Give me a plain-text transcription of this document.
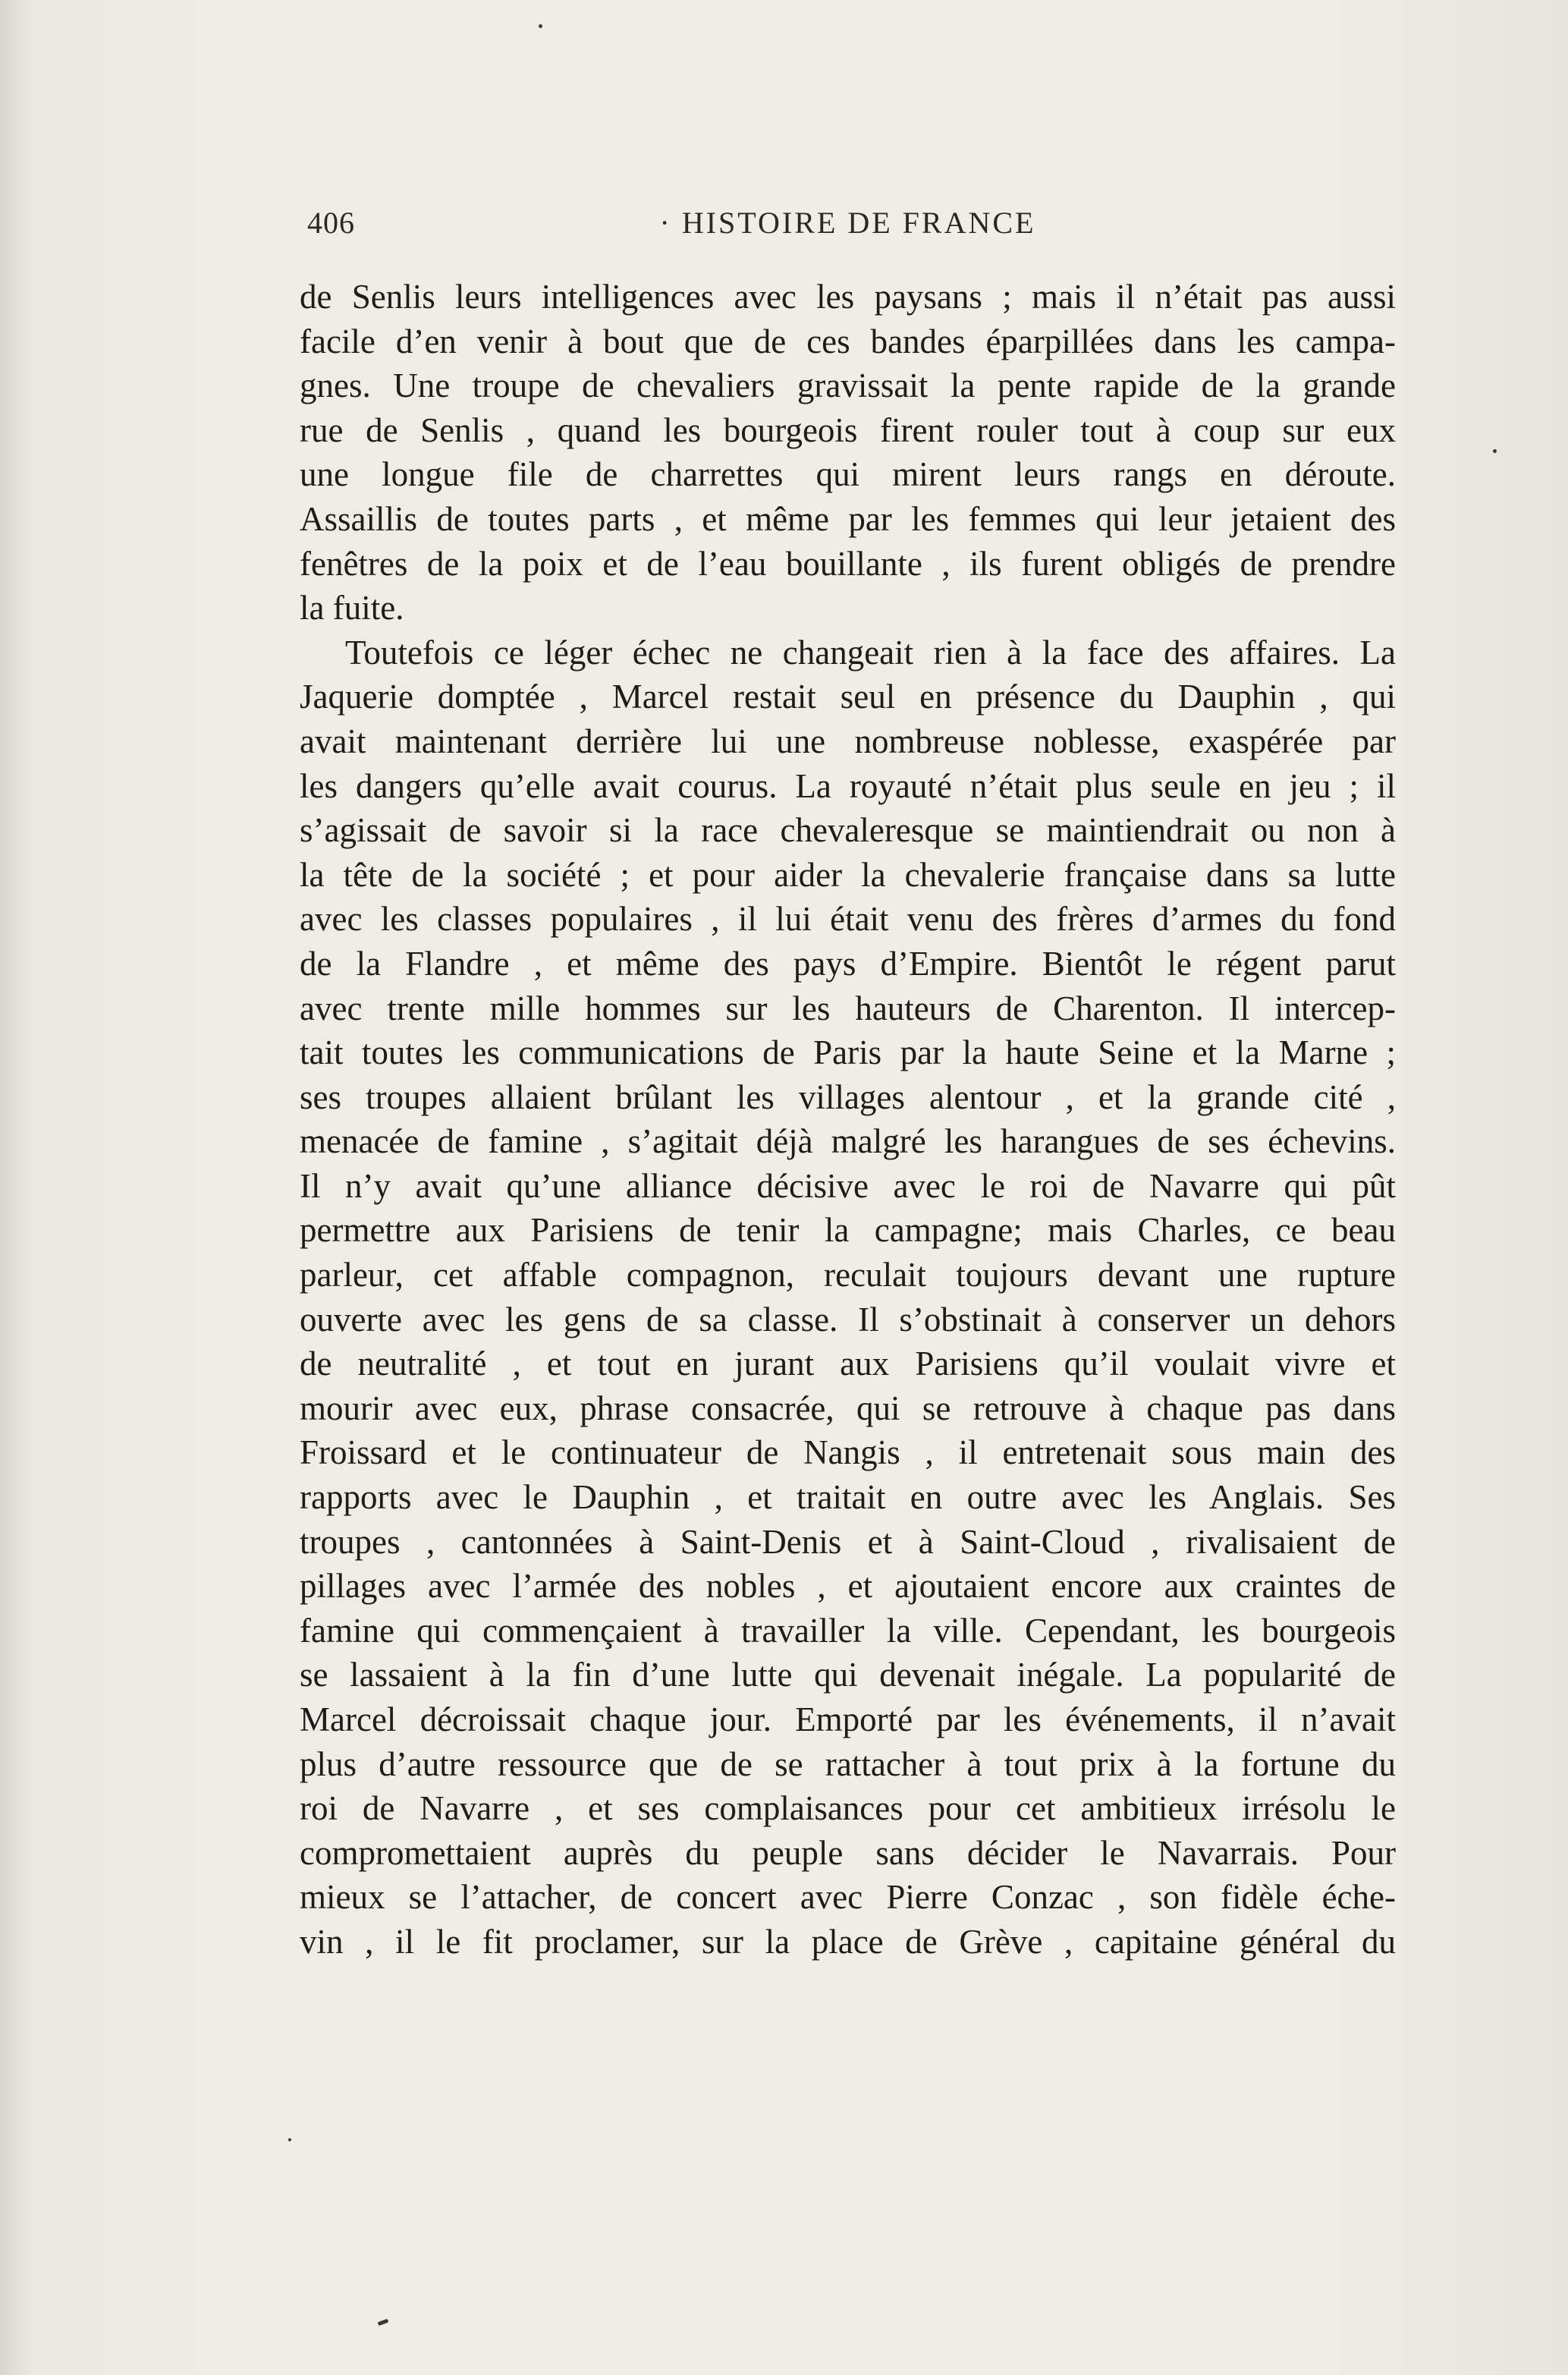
406	· HISTOIRE DE FRANCE
de Senlis leurs intelligences avec les paysans ; mais il n’était pas aussi
facile d’en venir à bout que de ces bandes éparpillées dans les campa-
gnes. Une troupe de chevaliers gravissait la pente rapide de la grande
rue de Senlis , quand les bourgeois firent rouler tout à coup sur eux
une longue file de charrettes qui mirent leurs rangs en déroute.
Assaillis de toutes parts , et même par les femmes qui leur jetaient des
fenêtres de la poix et de l’eau bouillante , ils furent obligés de prendre
la fuite.
Toutefois ce léger échec ne changeait rien à la face des affaires. La
Jaquerie domptée , Marcel restait seul en présence du Dauphin , qui
avait maintenant derrière lui une nombreuse noblesse, exaspérée par
les dangers qu’elle avait courus. La royauté n’était plus seule en jeu ; il
s’agissait de savoir si la race chevaleresque se maintiendrait ou non à
la tête de la société ; et pour aider la chevalerie française dans sa lutte
avec les classes populaires , il lui était venu des frères d’armes du fond
de la Flandre , et même des pays d’Empire. Bientôt le régent parut
avec trente mille hommes sur les hauteurs de Charenton. Il intercep-
tait toutes les communications de Paris par la haute Seine et la Marne ;
ses troupes allaient brûlant les villages alentour , et la grande cité ,
menacée de famine , s’agitait déjà malgré les harangues de ses échevins.
Il n’y avait qu’une alliance décisive avec le roi de Navarre qui pût
permettre aux Parisiens de tenir la campagne; mais Charles, ce beau
parleur, cet affable compagnon, reculait toujours devant une rupture
ouverte avec les gens de sa classe. Il s’obstinait à conserver un dehors
de neutralité , et tout en jurant aux Parisiens qu’il voulait vivre et
mourir avec eux, phrase consacrée, qui se retrouve à chaque pas dans
Froissard et le continuateur de Nangis , il entretenait sous main des
rapports avec le Dauphin , et traitait en outre avec les Anglais. Ses
troupes , cantonnées à Saint-Denis et à Saint-Cloud , rivalisaient de
pillages avec l’armée des nobles , et ajoutaient encore aux craintes de
famine qui commençaient à travailler la ville. Cependant, les bourgeois
se lassaient à la fin d’une lutte qui devenait inégale. La popularité de
Marcel décroissait chaque jour. Emporté par les événements, il n’avait
plus d’autre ressource que de se rattacher à tout prix à la fortune du
roi de Navarre , et ses complaisances pour cet ambitieux irrésolu le
compromettaient auprès du peuple sans décider le Navarrais. Pour
mieux se l’attacher, de concert avec Pierre Conzac , son fidèle éche-
vin , il le fit proclamer, sur la place de Grève , capitaine général du
